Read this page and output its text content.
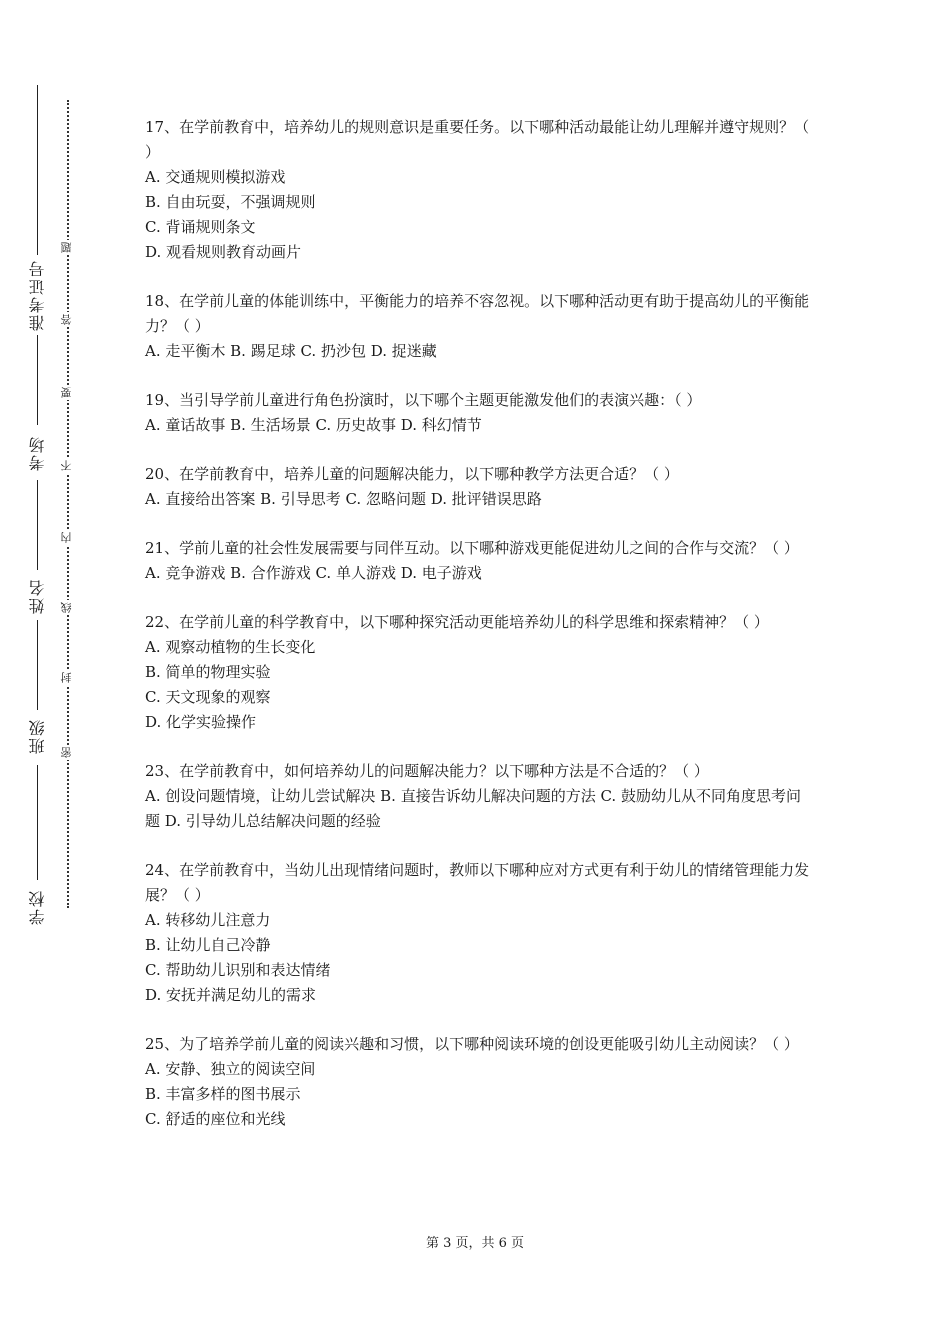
准考证号
考场
姓名
班级
学校
题
答
要
不
内
线
封
密
17、在学前教育中，培养幼儿的规则意识是重要任务。以下哪种活动最能让幼儿理解并遵守规则？（ ）
A. 交通规则模拟游戏
B. 自由玩耍，不强调规则
C. 背诵规则条文
D. 观看规则教育动画片
18、在学前儿童的体能训练中，平衡能力的培养不容忽视。以下哪种活动更有助于提高幼儿的平衡能力？（ ）
A. 走平衡木 B. 踢足球 C. 扔沙包 D. 捉迷藏
19、当引导学前儿童进行角色扮演时，以下哪个主题更能激发他们的表演兴趣：（ ）
A. 童话故事 B. 生活场景 C. 历史故事 D. 科幻情节
20、在学前教育中，培养儿童的问题解决能力，以下哪种教学方法更合适？（ ）
A. 直接给出答案 B. 引导思考 C. 忽略问题 D. 批评错误思路
21、学前儿童的社会性发展需要与同伴互动。以下哪种游戏更能促进幼儿之间的合作与交流？（ ）
A. 竞争游戏 B. 合作游戏 C. 单人游戏 D. 电子游戏
22、在学前儿童的科学教育中，以下哪种探究活动更能培养幼儿的科学思维和探索精神？（ ）
A. 观察动植物的生长变化
B. 简单的物理实验
C. 天文现象的观察
D. 化学实验操作
23、在学前教育中，如何培养幼儿的问题解决能力？以下哪种方法是不合适的？（ ）
A. 创设问题情境，让幼儿尝试解决 B. 直接告诉幼儿解决问题的方法 C. 鼓励幼儿从不同角度思考问题 D. 引导幼儿总结解决问题的经验
24、在学前教育中，当幼儿出现情绪问题时，教师以下哪种应对方式更有利于幼儿的情绪管理能力发展？（ ）
A. 转移幼儿注意力
B. 让幼儿自己冷静
C. 帮助幼儿识别和表达情绪
D. 安抚并满足幼儿的需求
25、为了培养学前儿童的阅读兴趣和习惯，以下哪种阅读环境的创设更能吸引幼儿主动阅读？（ ）
A. 安静、独立的阅读空间
B. 丰富多样的图书展示
C. 舒适的座位和光线
第 3 页，共 6 页
